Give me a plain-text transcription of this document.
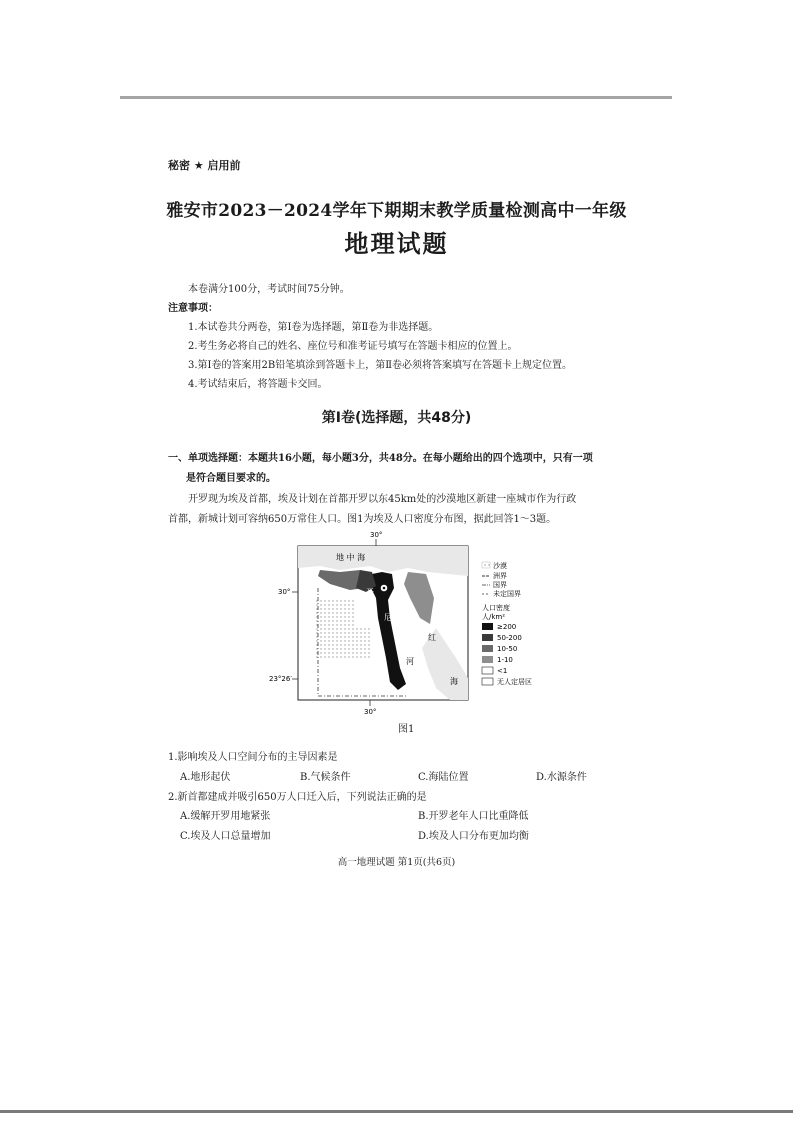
秘密 ★ 启用前
雅安市2023－2024学年下期期末教学质量检测高中一年级
地理试题
本卷满分100分，考试时间75分钟。
注意事项：
1.本试卷共分两卷，第Ⅰ卷为选择题，第Ⅱ卷为非选择题。
2.考生务必将自己的姓名、座位号和准考证号填写在答题卡相应的位置上。
3.第Ⅰ卷的答案用2B铅笔填涂到答题卡上，第Ⅱ卷必须将答案填写在答题卡上规定位置。
4.考试结束后，将答题卡交回。
第Ⅰ卷(选择题，共48分)
一、单项选择题：本题共16小题，每小题3分，共48分。在每小题给出的四个选项中，只有一项
是符合题目要求的。
开罗现为埃及首都，埃及计划在首都开罗以东45km处的沙漠地区新建一座城市作为行政
首都，新城计划可容纳650万常住人口。图1为埃及人口密度分布图，据此回答1～3题。
30°
地 中 海
开
尼
罗
河
红
海
30°
23°26′
30°
沙漠
洲界
国界
未定国界
人口密度
人/km²
≥200
50-200
10-50
1-10
<1
无人定居区
图1
1.影响埃及人口空间分布的主导因素是
A.地形起伏	B.气候条件	C.海陆位置	D.水源条件
2.新首都建成并吸引650万人口迁入后，下列说法正确的是
A.缓解开罗用地紧张	B.开罗老年人口比重降低
C.埃及人口总量增加	D.埃及人口分布更加均衡
高一地理试题 第1页(共6页)
